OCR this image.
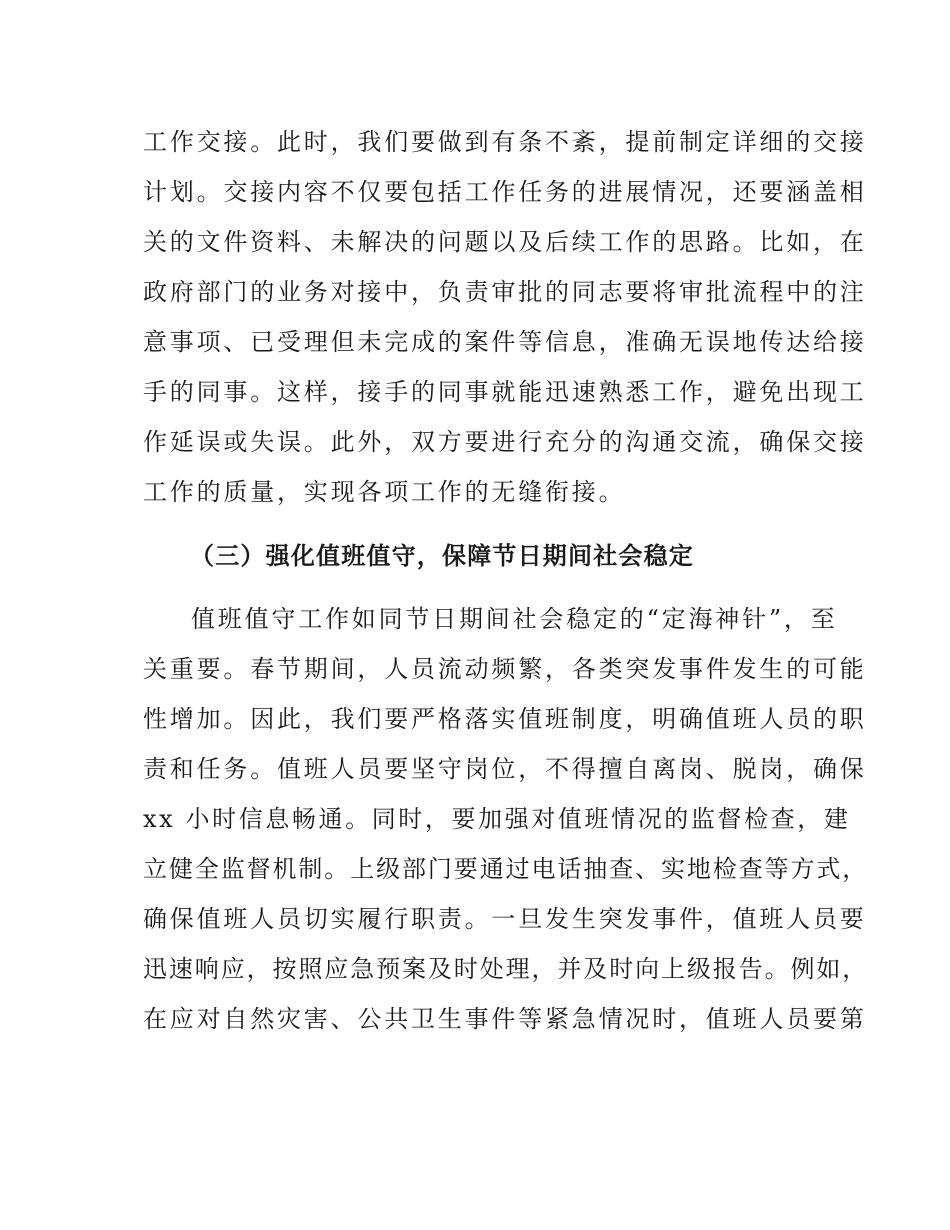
工作交接。此时，我们要做到有条不紊，提前制定详细的交接
计划。交接内容不仅要包括工作任务的进展情况，还要涵盖相
关的文件资料、未解决的问题以及后续工作的思路。比如，在
政府部门的业务对接中，负责审批的同志要将审批流程中的注
意事项、已受理但未完成的案件等信息，准确无误地传达给接
手的同事。这样，接手的同事就能迅速熟悉工作，避免出现工
作延误或失误。此外，双方要进行充分的沟通交流，确保交接
工作的质量，实现各项工作的无缝衔接。
（三）强化值班值守，保障节日期间社会稳定
值班值守工作如同节日期间社会稳定的“定海神针”，至
关重要。春节期间，人员流动频繁，各类突发事件发生的可能
性增加。因此，我们要严格落实值班制度，明确值班人员的职
责和任务。值班人员要坚守岗位，不得擅自离岗、脱岗，确保
xx 小时信息畅通。同时，要加强对值班情况的监督检查，建
立健全监督机制。上级部门要通过电话抽查、实地检查等方式，
确保值班人员切实履行职责。一旦发生突发事件，值班人员要
迅速响应，按照应急预案及时处理，并及时向上级报告。例如，
在应对自然灾害、公共卫生事件等紧急情况时，值班人员要第
